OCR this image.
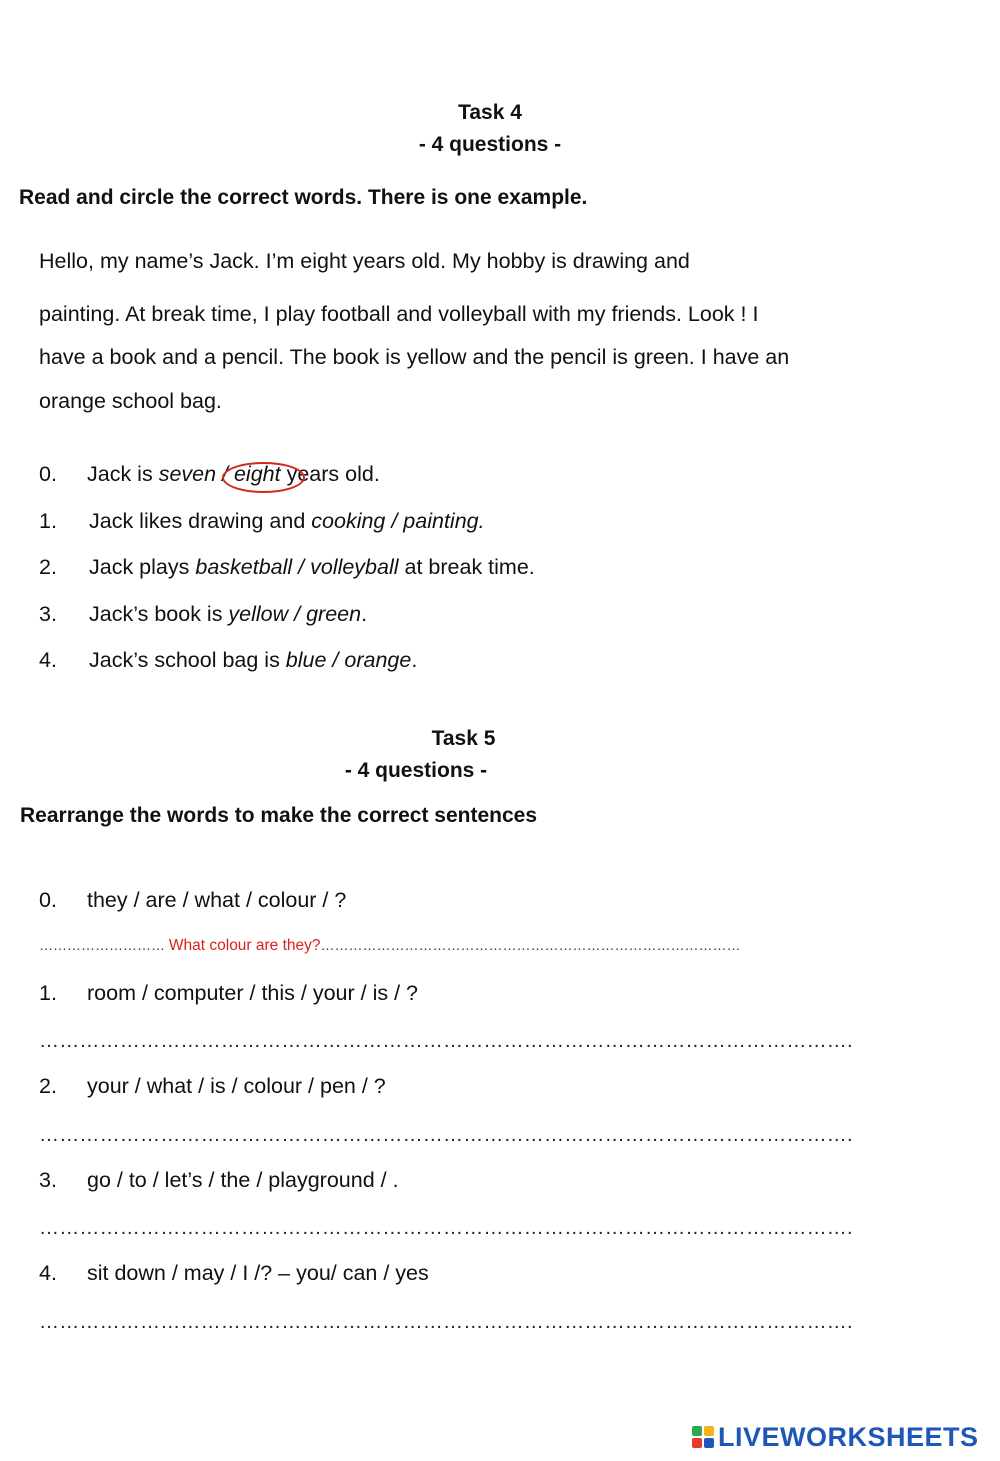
Task 4
- 4 questions -
Read and circle the correct words. There is one example.
Hello, my name’s Jack. I’m eight years old. My hobby is drawing and
painting. At break time, I play football and volleyball with my friends. Look ! I
have a book and a pencil. The book is yellow and the pencil is green. I have an
orange school bag.
0. Jack is seven / eight years old.
1. Jack likes drawing and cooking / painting.
2. Jack plays basketball / volleyball at break time.
3. Jack’s book is yellow / green.
4. Jack’s school bag is blue / orange.
Task 5
- 4 questions -
Rearrange the words to make the correct sentences
0. they / are / what / colour / ?
……………………… What colour are they?………………………………………………………………………………
1. room / computer / this / your / is / ?
………………………………………………………………………………………………………….
2. your / what / is / colour / pen / ?
………………………………………………………………………………………………………….
3. go / to / let’s / the / playground / .
………………………………………………………………………………………………………….
4. sit down / may / I /? – you/ can / yes
………………………………………………………………………………………………………….
LIVEWORKSHEETS
